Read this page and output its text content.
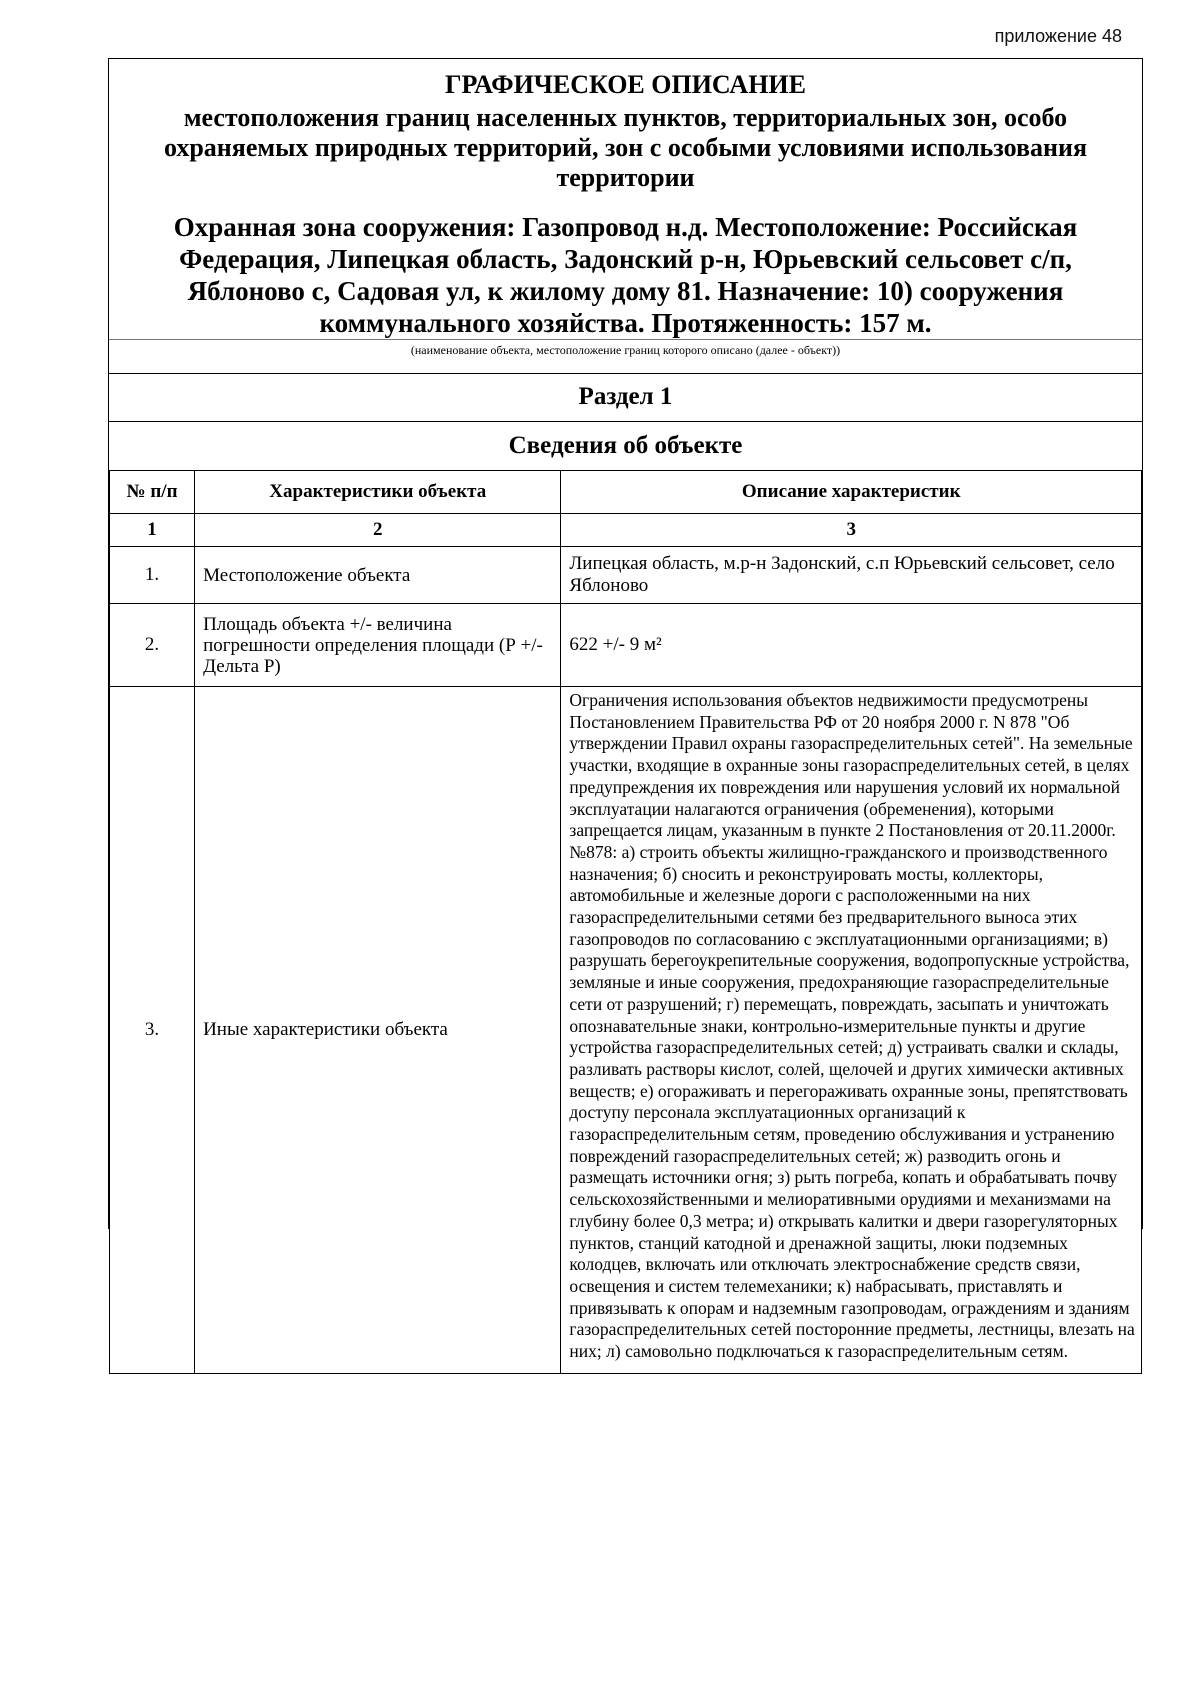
приложение 48
ГРАФИЧЕСКОЕ ОПИСАНИЕ
местоположения границ населенных пунктов, территориальных зон, особо охраняемых природных территорий, зон с особыми условиями использования территории
Охранная зона сооружения: Газопровод н.д. Местоположение: Российская Федерация, Липецкая область, Задонский р-н, Юрьевский сельсовет с/п, Яблоново с, Садовая ул, к жилому дому 81. Назначение: 10) сооружения коммунального хозяйства. Протяженность: 157 м.
(наименование объекта, местоположение границ которого описано (далее - объект))
Раздел 1
Сведения об объекте
№ п/п	Характеристики объекта	Описание характеристик
1	2	3
1.	Местоположение объекта	Липецкая область, м.р-н Задонский, с.п Юрьевский сельсовет, село Яблоново
2.	Площадь объекта +/- величина погрешности определения площади (Р +/- Дельта Р)	622 +/- 9 м²
3.	Иные характеристики объекта	Ограничения использования объектов недвижимости предусмотрены Постановлением Правительства РФ от 20 ноября 2000 г. N 878 "Об утверждении Правил охраны газораспределительных сетей". На земельные участки, входящие в охранные зоны газораспределительных сетей, в целях предупреждения их повреждения или нарушения условий их нормальной эксплуатации налагаются ограничения (обременения), которыми запрещается лицам, указанным в пункте 2 Постановления от 20.11.2000г. №878: а) строить объекты жилищно-гражданского и производственного назначения; б) сносить и реконструировать мосты, коллекторы, автомобильные и железные дороги с расположенными на них газораспределительными сетями без предварительного выноса этих газопроводов по согласованию с эксплуатационными организациями; в) разрушать берегоукрепительные сооружения, водопропускные устройства, земляные и иные сооружения, предохраняющие газораспределительные сети от разрушений; г) перемещать, повреждать, засыпать и уничтожать опознавательные знаки, контрольно-измерительные пункты и другие устройства газораспределительных сетей; д) устраивать свалки и склады, разливать растворы кислот, солей, щелочей и других химически активных веществ; е) огораживать и перегораживать охранные зоны, препятствовать доступу персонала эксплуатационных организаций к газораспределительным сетям, проведению обслуживания и устранению повреждений газораспределительных сетей; ж) разводить огонь и размещать источники огня; з) рыть погреба, копать и обрабатывать почву сельскохозяйственными и мелиоративными орудиями и механизмами на глубину более 0,3 метра; и) открывать калитки и двери газорегуляторных пунктов, станций катодной и дренажной защиты, люки подземных колодцев, включать или отключать электроснабжение средств связи, освещения и систем телемеханики; к) набрасывать, приставлять и привязывать к опорам и надземным газопроводам, ограждениям и зданиям газораспределительных сетей посторонние предметы, лестницы, влезать на них; л) самовольно подключаться к газораспределительным сетям.
